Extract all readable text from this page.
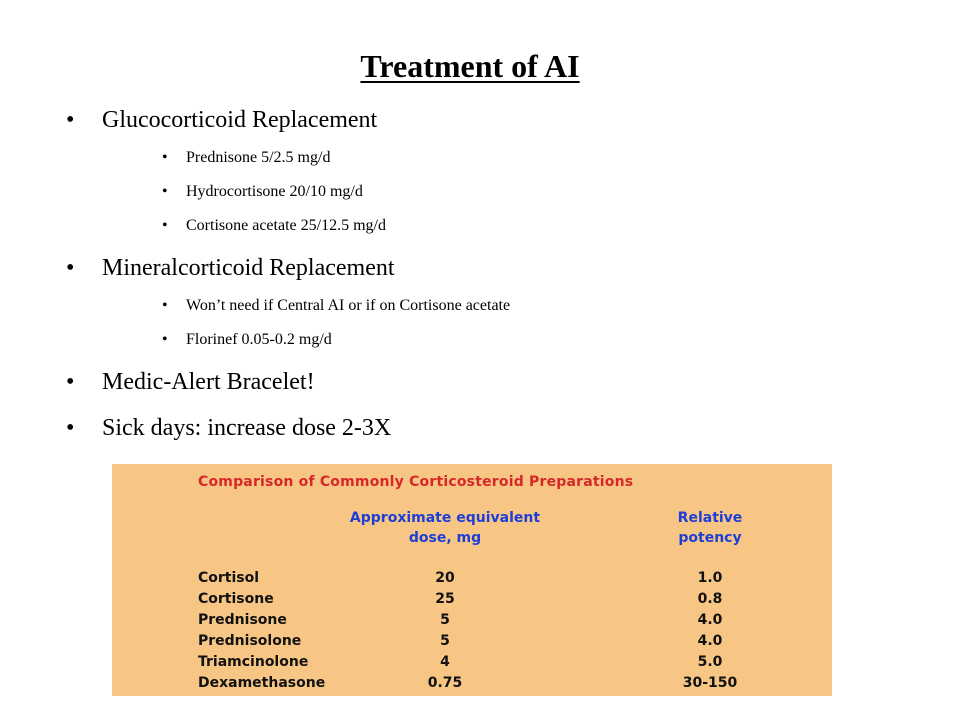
Treatment of AI
• Glucocorticoid Replacement
• Prednisone 5/2.5 mg/d
• Hydrocortisone 20/10 mg/d
• Cortisone acetate 25/12.5 mg/d
• Mineralcorticoid Replacement
• Won’t need if Central AI or if on Cortisone acetate
• Florinef 0.05-0.2 mg/d
• Medic-Alert Bracelet!
• Sick days: increase dose 2-3X
Comparison of Commonly Corticosteroid Preparations
Approximate equivalent
dose, mg
Relative
potency
Cortisol	20	1.0
Cortisone	25	0.8
Prednisone	5	4.0
Prednisolone	5	4.0
Triamcinolone	4	5.0
Dexamethasone	0.75	30-150
